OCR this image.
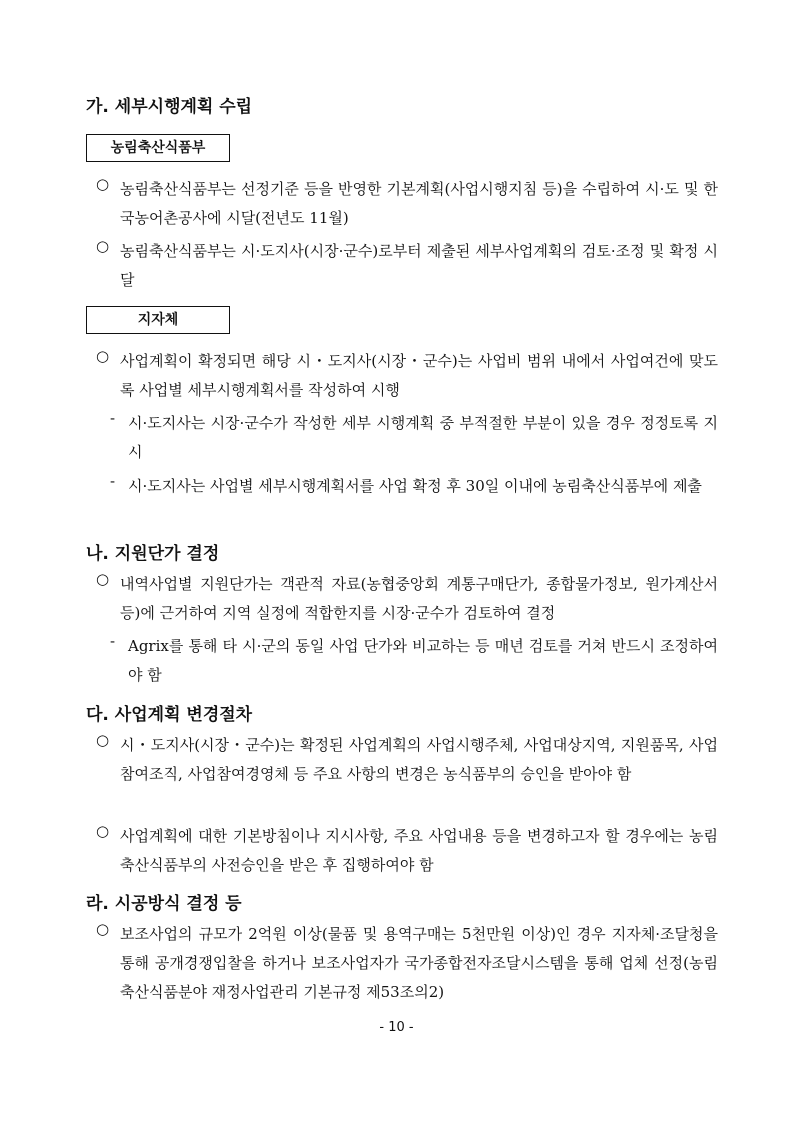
가. 세부시행계획 수립
농림축산식품부
○ 농림축산식품부는 선정기준 등을 반영한 기본계획(사업시행지침 등)을 수립하여 시·도 및 한국농어촌공사에 시달(전년도 11월)
○ 농림축산식품부는 시·도지사(시장·군수)로부터 제출된 세부사업계획의 검토·조정 및 확정 시달
지자체
○ 사업계획이 확정되면 해당 시・도지사(시장・군수)는 사업비 범위 내에서 사업여건에 맞도록 사업별 세부시행계획서를 작성하여 시행
- 시·도지사는 시장·군수가 작성한 세부 시행계획 중 부적절한 부분이 있을 경우 정정토록 지시
- 시·도지사는 사업별 세부시행계획서를 사업 확정 후 30일 이내에 농림축산식품부에 제출
나. 지원단가 결정
○ 내역사업별 지원단가는 객관적 자료(농협중앙회 계통구매단가, 종합물가정보, 원가계산서 등)에 근거하여 지역 실정에 적합한지를 시장·군수가 검토하여 결정
- Agrix를 통해 타 시·군의 동일 사업 단가와 비교하는 등 매년 검토를 거쳐 반드시 조정하여야 함
다. 사업계획 변경절차
○ 시・도지사(시장・군수)는 확정된 사업계획의 사업시행주체, 사업대상지역, 지원품목, 사업참여조직, 사업참여경영체 등 주요 사항의 변경은 농식품부의 승인을 받아야 함
○ 사업계획에 대한 기본방침이나 지시사항, 주요 사업내용 등을 변경하고자 할 경우에는 농림축산식품부의 사전승인을 받은 후 집행하여야 함
라. 시공방식 결정 등
○ 보조사업의 규모가 2억원 이상(물품 및 용역구매는 5천만원 이상)인 경우 지자체·조달청을 통해 공개경쟁입찰을 하거나 보조사업자가 국가종합전자조달시스템을 통해 업체 선정(농림축산식품분야 재정사업관리 기본규정 제53조의2)
- 10 -
